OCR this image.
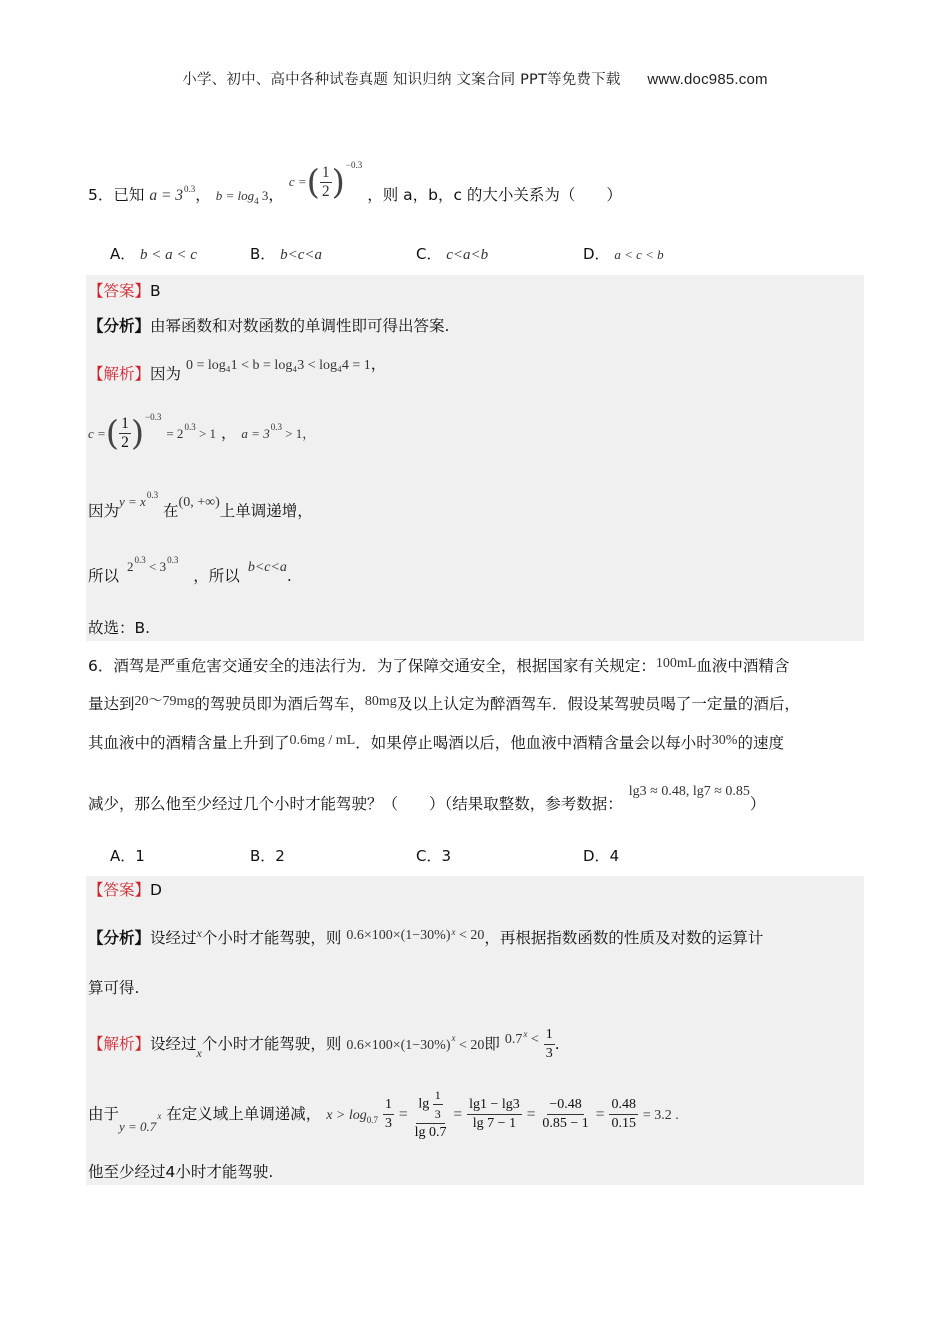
小学、初中、高中各种试卷真题 知识归纳 文案合同 PPT等免费下载 www.doc985.com
5．已知 $a = 3^{0.3}$， $b = \log_4 3$， c =( $\frac{1}{2} )^{-0.3}$ ，则 a，b，c 的大小关系为（　　）
A． b < a < c	B． b<c<a	C． c<a<b	D． a < c < b
【答案】B
【分析】由幂函数和对数函数的单调性即可得出答案.
【解析】因为 0 = log₄1 < b = log₄3 < log₄4 = 1，
c =( $\frac{1}{2} )^{-0.3} = 2^{0.3} > 1$ ， $a = 3^{0.3} > 1$，
因为$^{y = x0.3}$ 在(0, +∞)上单调递增，
所以$^{20.3}$ $^{< 30.3}$ ，所以 b<c<a.
故选：B.
6．酒驾是严重危害交通安全的违法行为．为了保障交通安全，根据国家有关规定：100mL血液中酒精含
量达到20～79mg的驾驶员即为酒后驾车，80mg及以上认定为醉酒驾车．假设某驾驶员喝了一定量的酒后，
其血液中的酒精含量上升到了0.6mg / mL．如果停止喝酒以后，他血液中酒精含量会以每小时30%的速度
减少，那么他至少经过几个小时才能驾驶？（　　）（结果取整数，参考数据：lg3 ≈ 0.48, lg7 ≈ 0.85）
A．1	B．2	C．3	D．4
【答案】D
【分析】设经过$^x$个小时才能驾驶，则 $0.6\times 100\times(1-30\%)^x < 20$，再根据指数函数的性质及对数的运算计
算可得.
【解析】设经过$_x$个小时才能驾驶，则 $0.6\times 100\times(1-30\%)^x < 20$即 $0.7^x < \frac{1}{3}$ .
由于$_{y = 0.7x}$ 在定义域上单调递减， $x > \log_{0.7} \frac{1}{3} = \frac{\lg \frac{1}{3}}{\lg 0.7} = \frac{\lg 1 - \lg 3}{\lg 7 - 1} = \frac{-0.48}{0.85 - 1} = \frac{0.48}{0.15} = 3.2$ .
他至少经过4小时才能驾驶.
